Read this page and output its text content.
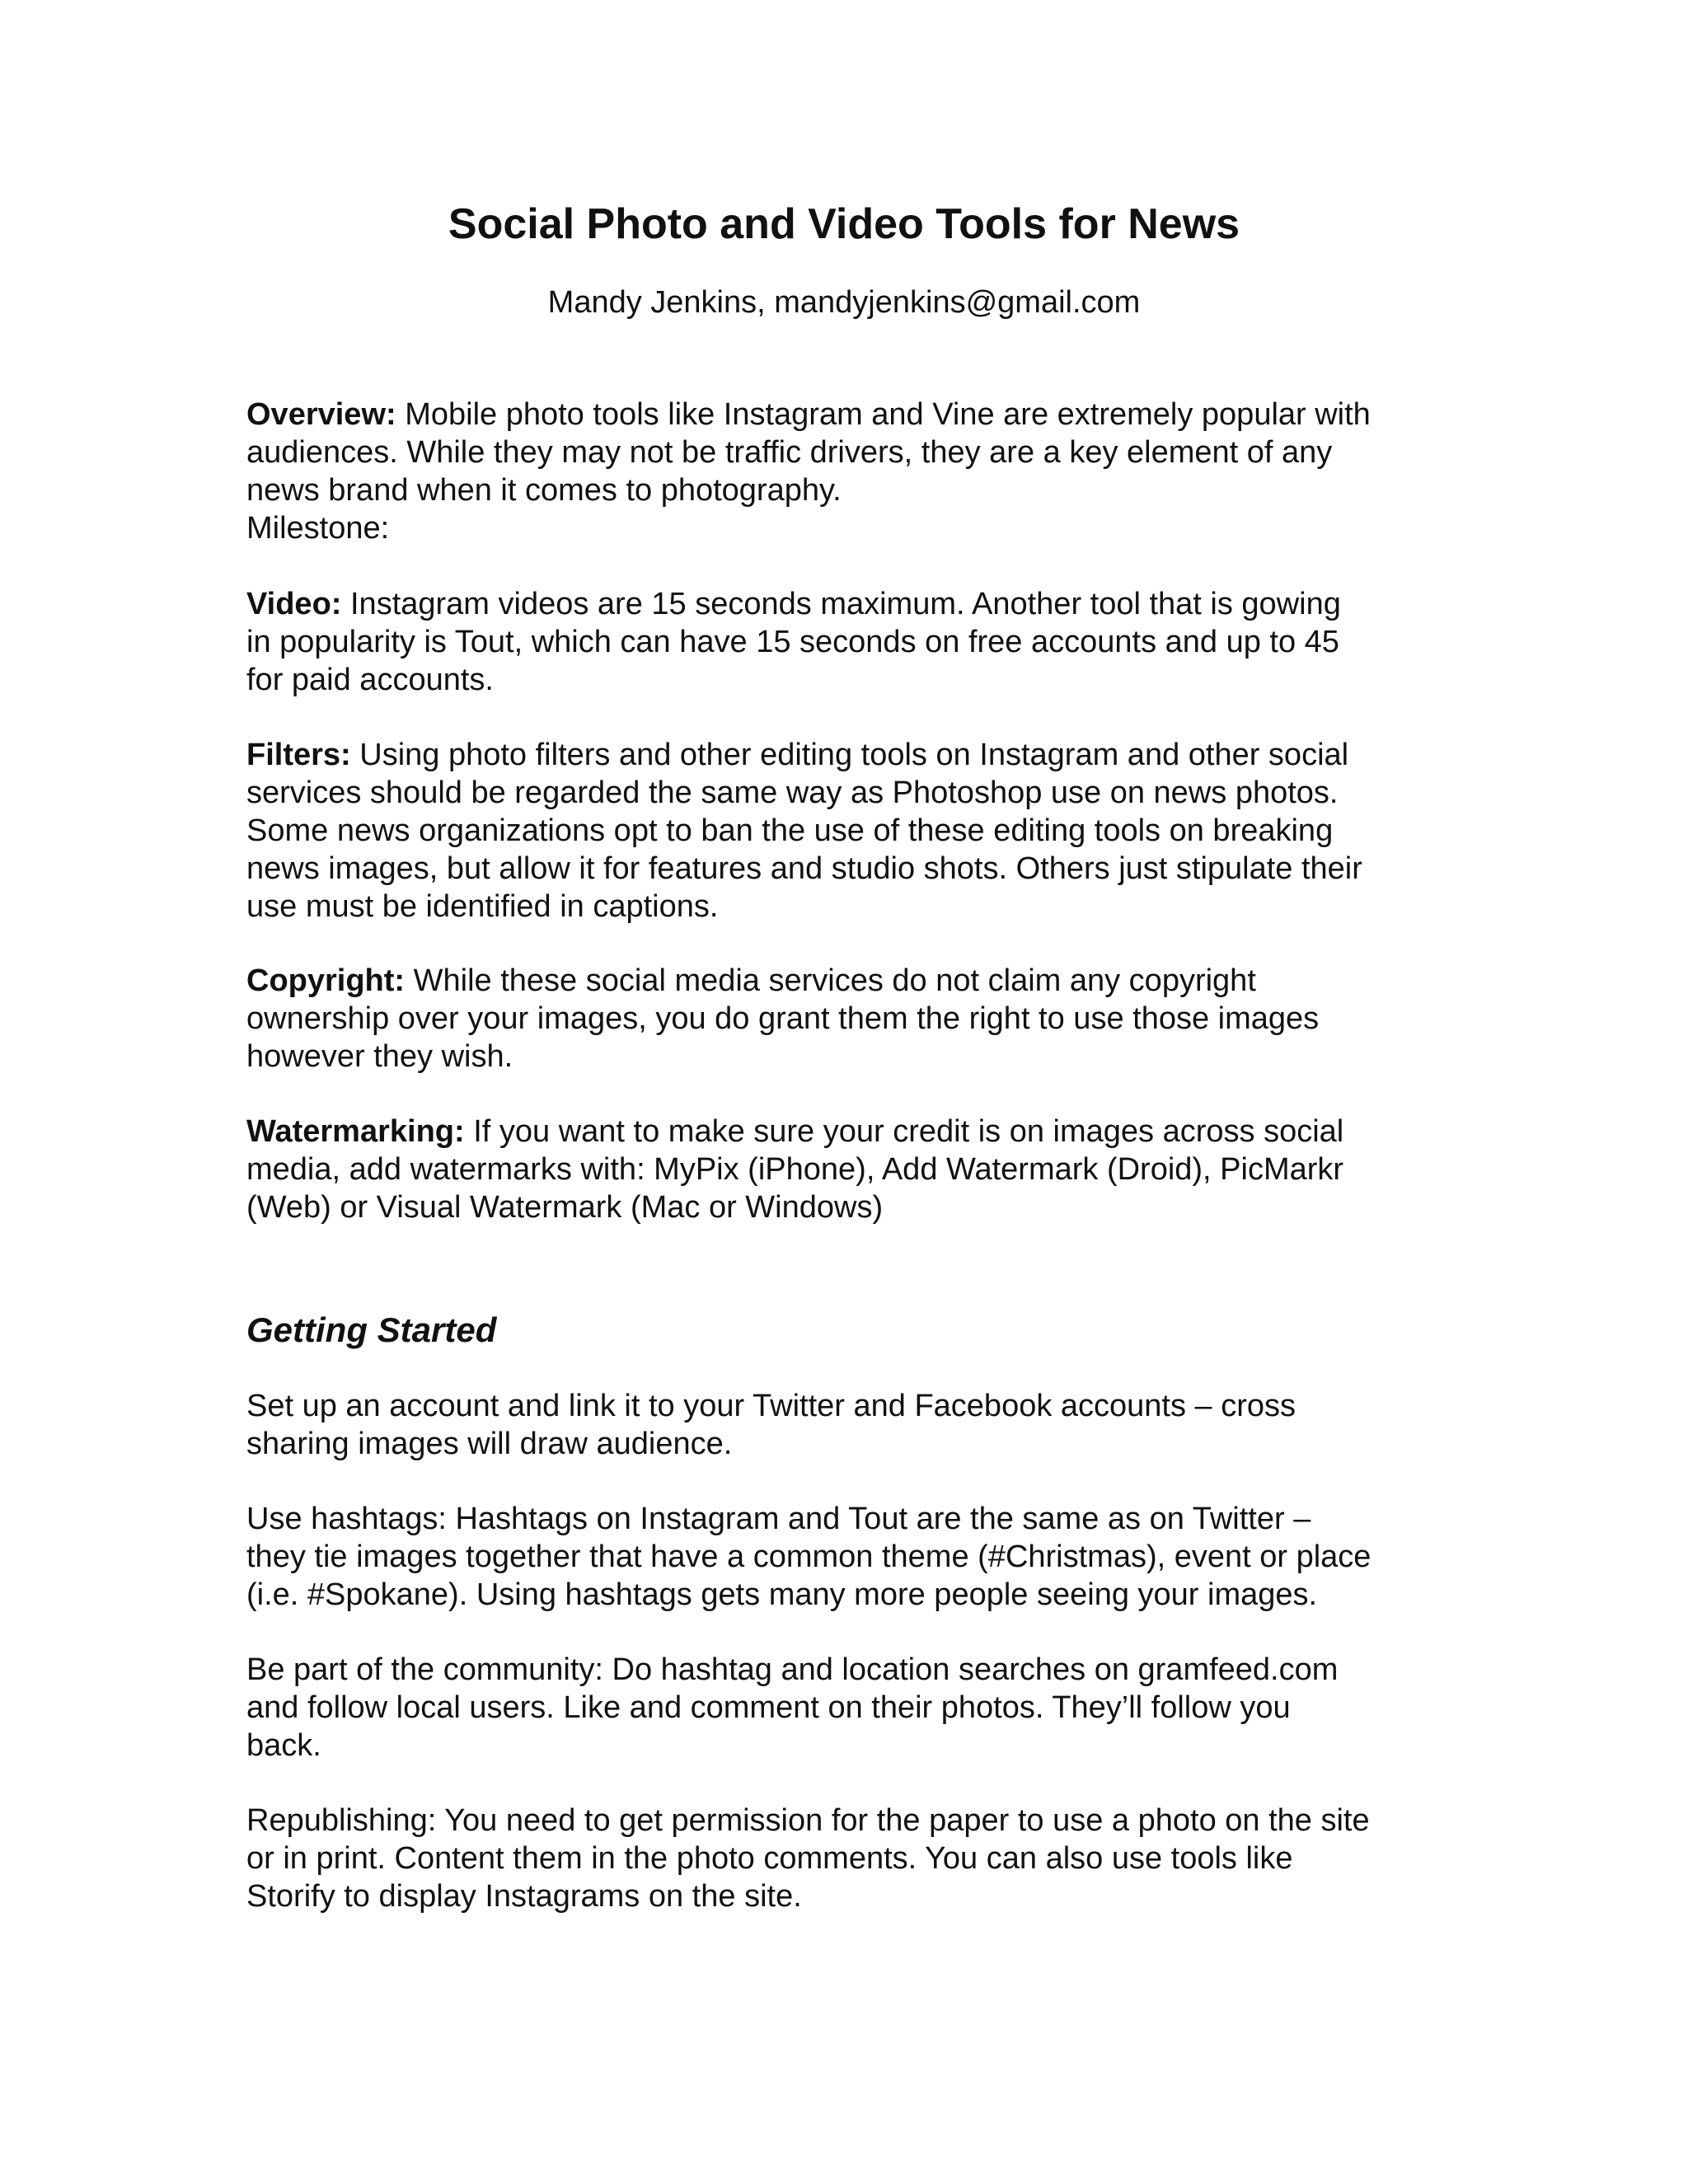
Social Photo and Video Tools for News

Mandy Jenkins, mandyjenkins@gmail.com

Overview: Mobile photo tools like Instagram and Vine are extremely popular with
audiences. While they may not be traffic drivers, they are a key element of any
news brand when it comes to photography.
Milestone:

Video: Instagram videos are 15 seconds maximum. Another tool that is gowing
in popularity is Tout, which can have 15 seconds on free accounts and up to 45
for paid accounts.

Filters: Using photo filters and other editing tools on Instagram and other social
services should be regarded the same way as Photoshop use on news photos.
Some news organizations opt to ban the use of these editing tools on breaking
news images, but allow it for features and studio shots. Others just stipulate their
use must be identified in captions.

Copyright: While these social media services do not claim any copyright
ownership over your images, you do grant them the right to use those images
however they wish.

Watermarking: If you want to make sure your credit is on images across social
media, add watermarks with: MyPix (iPhone), Add Watermark (Droid), PicMarkr
(Web) or Visual Watermark (Mac or Windows)

Getting Started

Set up an account and link it to your Twitter and Facebook accounts – cross
sharing images will draw audience.

Use hashtags: Hashtags on Instagram and Tout are the same as on Twitter –
they tie images together that have a common theme (#Christmas), event or place
(i.e. #Spokane). Using hashtags gets many more people seeing your images.

Be part of the community: Do hashtag and location searches on gramfeed.com
and follow local users. Like and comment on their photos. They’ll follow you
back.

Republishing: You need to get permission for the paper to use a photo on the site
or in print. Content them in the photo comments. You can also use tools like
Storify to display Instagrams on the site.
